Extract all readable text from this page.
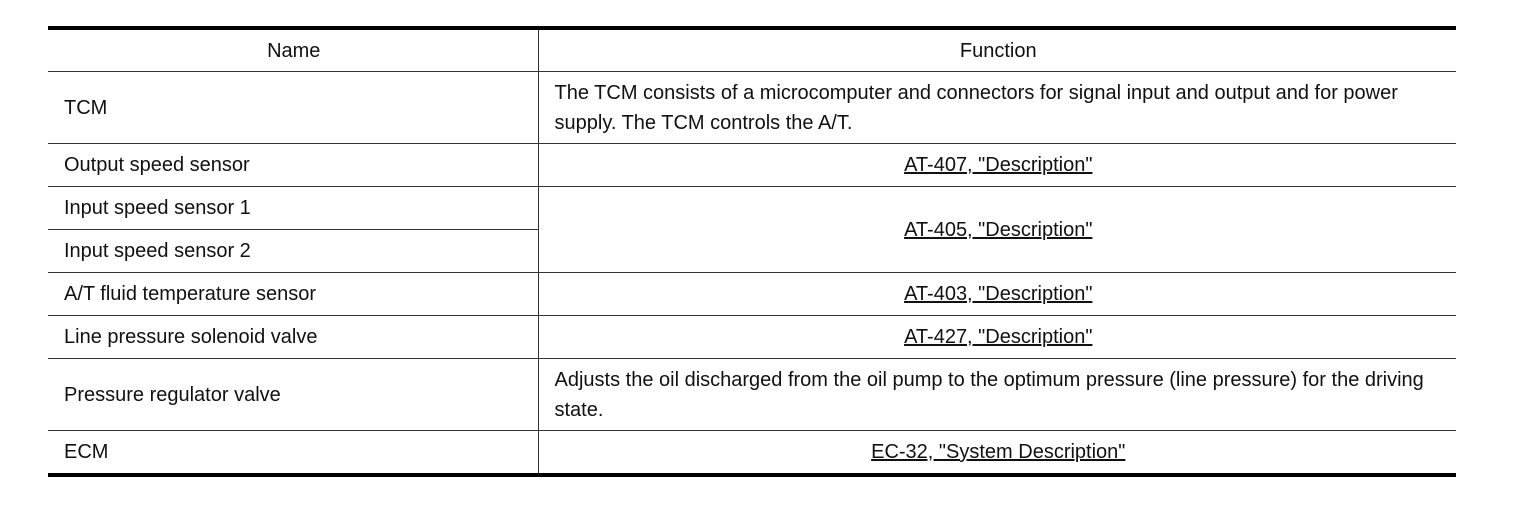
Name	Function
TCM	The TCM consists of a microcomputer and connectors for signal input and output and for power supply. The TCM controls the A/T.
Output speed sensor	AT-407, "Description"
Input speed sensor 1	AT-405, "Description"
Input speed sensor 2	
A/T fluid temperature sensor	AT-403, "Description"
Line pressure solenoid valve	AT-427, "Description"
Pressure regulator valve	Adjusts the oil discharged from the oil pump to the optimum pressure (line pressure) for the driving state.
ECM	EC-32, "System Description"
